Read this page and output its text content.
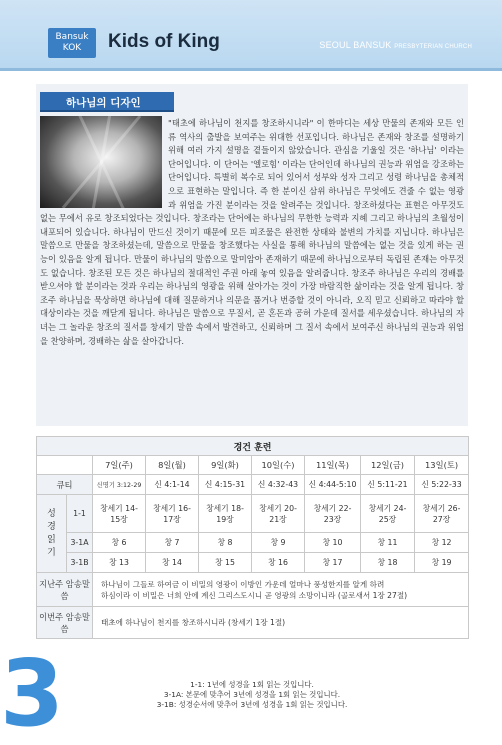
Bansuk
KOK	Kids of King	SEOUL BANSUK PRESBYTERIAN CHURCH
하나님의 디자인
"태초에 하나님이 천지를 창조하시니라" 이 한마디는 세상 만물의 존재와 모든 인류 역사의 출발을 보여주는 위대한 선포입니다. 하나님은 존재와 창조를 설명하기 위해 여러 가지 설명을 곁들이지 않았습니다. 관심을 기울일 것은 '하나님' 이라는 단어입니다. 이 단어는 '엘로힘' 이라는 단어인데 하나님의 권능과 위엄을 강조하는 단어입니다. 특별히 복수로 되어 있어서 성부와 성자 그리고 성령 하나님을 총체적으로 표현하는 말입니다. 즉 한 분이신 삼위 하나님은 무엇에도 견줄 수 없는 영광과 위엄을 가진 분이라는 것을 알려주는 것입니다. 창조하셨다는 표현은 아무것도 없는 무에서 유로 창조되었다는 것입니다. 창조라는 단어에는 하나님의 무한한 능력과 지혜 그리고 하나님의 초월성이 내포되어 있습니다. 하나님이 만드신 것이기 때문에 모든 피조물은 완전한 상태와 불변의 가치를 지닙니다. 하나님은 말씀으로 만물을 창조하셨는데, 말씀으로 만물을 창조했다는 사실을 통해 하나님의 말씀에는 없는 것을 있게 하는 권능이 있음을 알게 됩니다. 만물이 하나님의 말씀으로 말미암아 존재하기 때문에 하나님으로부터 독립된 존재는 아무것도 없습니다. 창조된 모든 것은 하나님의 절대적인 주권 아래 놓여 있음을 알려줍니다. 창조주 하나님은 우리의 경배를 받으셔야 할 분이라는 것과 우리는 하나님의 영광을 위해 살아가는 것이 가장 바람직한 삶이라는 것을 알게 됩니다. 창조주 하나님을 묵상하면 하나님에 대해 질문하거나 의문을 품거나 번증할 것이 아니라, 오직 믿고 신뢰하고 따라야 할 대상이라는 것을 깨닫게 됩니다. 하나님은 말씀으로 무질서, 곧 혼돈과 공허 가운데 질서를 세우셨습니다. 하나님의 자녀는 그 놀라운 창조의 질서를 창세기 말씀 속에서 발견하고, 신뢰하며 그 질서 속에서 보여주신 하나님의 권능과 위엄을 찬양하며, 경배하는 삶을 살아갑니다.
경건 훈련								
		7일(주)	8일(월)	9일(화)	10일(수)	11일(목)	12일(금)	13일(토)
큐티		신명기 3:12-29	신 4:1-14	신 4:15-31	신 4:32-43	신 4:44-5:10	신 5:11-21	신 5:22-33
성경읽기	1-1	창세기 14-15장	창세기 16-17장	창세기 18-19장	창세기 20-21장	창세기 22-23장	창세기 24-25장	창세기 26-27장
	3-1A	창 6	창 7	창 8	창 9	창 10	창 11	창 12
	3-1B	창 13	창 14	창 15	창 16	창 17	창 18	창 19
지난주 암송말씀		하나님이 그들로 하여금 이 비밀의 영광이 이방인 가운데 얼마나 풍성한지를 알게 하려
하심이라 이 비밀은 너희 안에 계신 그리스도시니 곧 영광의 소망이니라 (골로새서 1장 27절)						

이번주 암송말씀		태초에 하나님이 천지를 창조하시니라 (창세기 1장 1절)						
1-1: 1년에 성경을 1회 읽는 것입니다.
3-1A: 본문에 맞추어 3년에 성경을 1회 읽는 것입니다.
3-1B: 성경순서에 맞추어 3년에 성경을 1회 읽는 것입니다.
3
